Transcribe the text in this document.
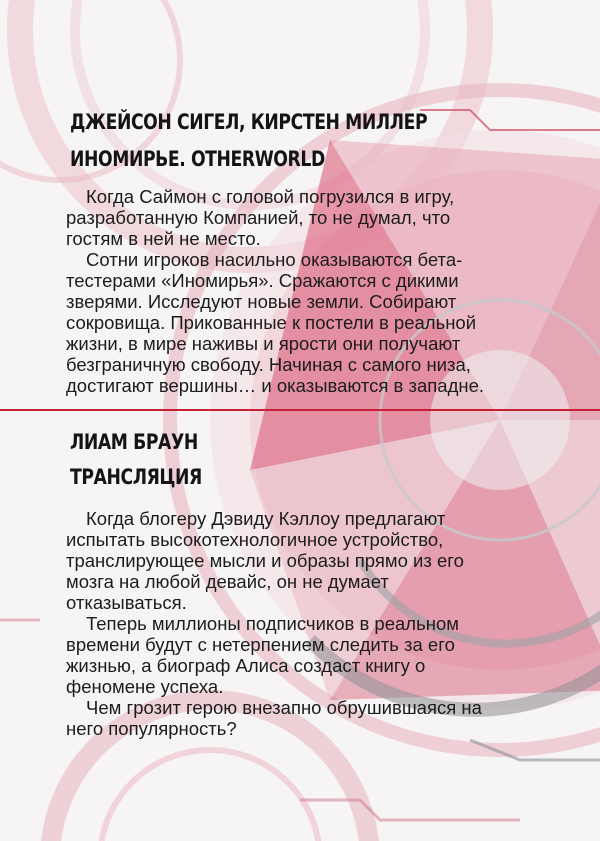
ДЖЕЙСОН СИГЕЛ, КИРСТЕН МИЛЛЕР
ИНОМИРЬЕ. OTHERWORLD

Когда Саймон с головой погрузился в игру, разработанную Компанией, то не думал, что гостям в ней не место.

Сотни игроков насильно оказываются бета-тестерами «Иномирья». Сражаются с дикими зверями. Исследуют новые земли. Собирают сокровища. Прикованные к постели в реальной жизни, в мире наживы и ярости они получают безграничную свободу. Начиная с самого низа, достигают вершины… и оказываются в западне.

ЛИАМ БРАУН
ТРАНСЛЯЦИЯ

Когда блогеру Дэвиду Кэллоу предлагают испытать высокотехнологичное устройство, транслирующее мысли и образы прямо из его мозга на любой девайс, он не думает отказываться.

Теперь миллионы подписчиков в реальном времени будут с нетерпением следить за его жизнью, а биограф Алиса создаст книгу о феномене успеха.

Чем грозит герою внезапно обрушившаяся на него популярность?
